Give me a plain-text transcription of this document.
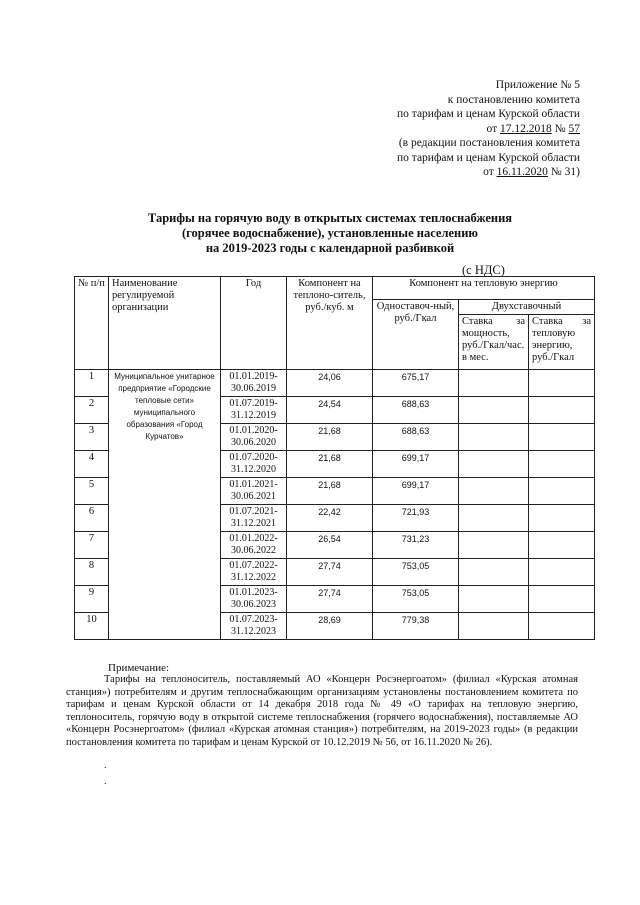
Приложение № 5
к постановлению комитета
по тарифам и ценам Курской области
от 17.12.2018 № 57
(в редакции постановления комитета
по тарифам и ценам Курской области
от 16.11.2020 № 31)
Тарифы на горячую воду в открытых системах теплоснабжения
(горячее водоснабжение), установленные населению
на 2019-2023 годы с календарной разбивкой
(с НДС)
№ п/п	Наименование регулируемой организации	Год	Компонент на теплоно-ситель, руб./куб. м	Компонент на тепловую энергию		
				Одноставоч-ный, руб./Гкал	Двухставочный	
					Ставка за мощность, руб./Гкал/час. в мес.	Ставка за тепловую энергию, руб./Гкал
1	Муниципальное унитарное предприятие «Городские тепловые сети» муниципального образования «Город Курчатов»	01.01.2019-30.06.2019	24,06	675,17		
2		01.07.2019-31.12.2019	24,54	688,63		
3		01.01.2020-30.06.2020	21,68	688,63		
4		01.07.2020-31.12.2020	21,68	699,17		
5		01.01.2021-30.06.2021	21,68	699,17		
6		01.07.2021-31.12.2021	22,42	721,93		
7		01.01.2022-30.06.2022	26,54	731,23		
8		01.07.2022-31.12.2022	27,74	753,05		
9		01.01.2023-30.06.2023	27,74	753,05		
10		01.07.2023-31.12.2023	28,69	779,38		
Примечание:
Тарифы на теплоноситель, поставляемый АО «Концерн Росэнергоатом» (филиал «Курская атомная станция») потребителям и другим теплоснабжающим организациям установлены постановлением комитета по тарифам и ценам Курской области от 14 декабря 2018 года № 49 «О тарифах на тепловую энергию, теплоноситель, горячую воду в открытой системе теплоснабжения (горячего водоснабжения), поставляемые АО «Концерн Росэнергоатом» (филиал «Курская атомная станция») потребителям, на 2019-2023 годы» (в редакции постановления комитета по тарифам и ценам Курской от 10.12.2019 № 56, от 16.11.2020 № 26).
.
.
